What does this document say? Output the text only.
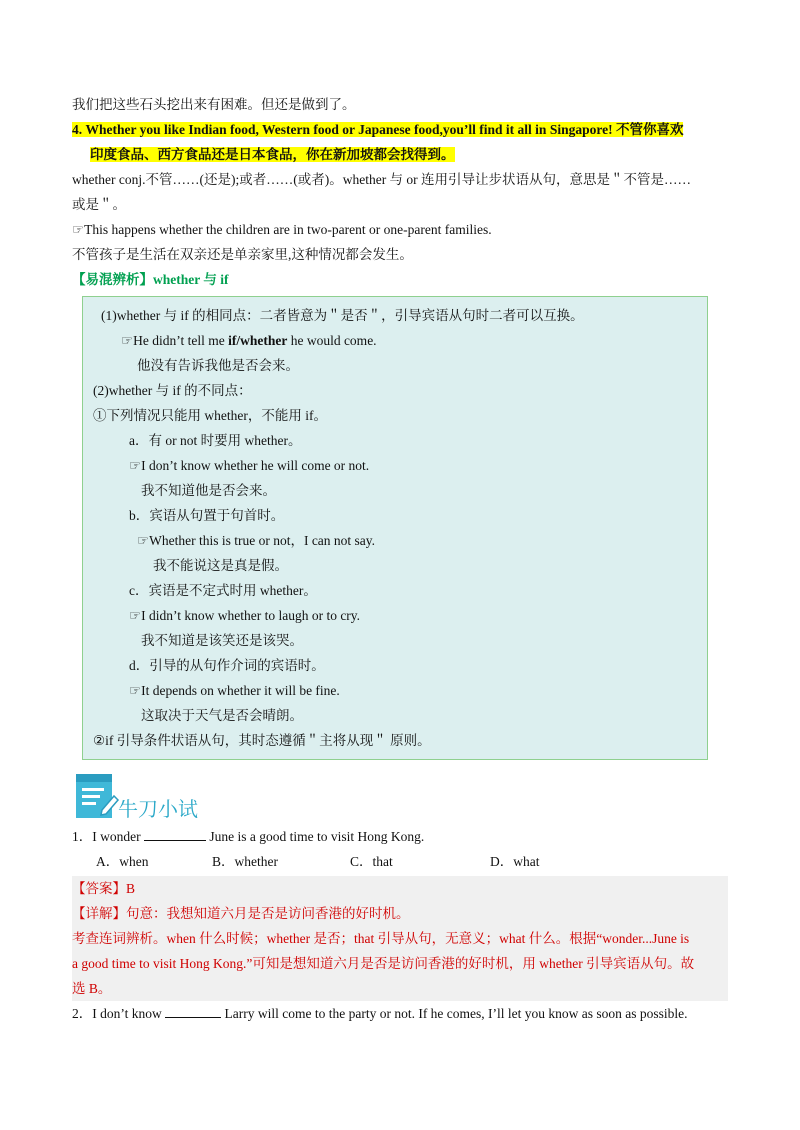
我们把这些石头挖出来有困难。但还是做到了。

4. Whether you like Indian food, Western food or Japanese food,you’ll find it all in Singapore! 不管你喜欢
印度食品、西方食品还是日本食品，你在新加坡都会找得到。

whether conj.不管……(还是);或者……(或者)。whether 与 or 连用引导让步状语从句，意思是＂不管是……

或是＂。

☞This happens whether the children are in two-parent or one-parent families.

不管孩子是生活在双亲还是单亲家里,这种情况都会发生。

【易混辨析】whether 与 if

(1)whether 与 if 的相同点：二者皆意为＂是否＂，引导宾语从句时二者可以互换。

☞He didn’t tell me if/whether he would come.

他没有告诉我他是否会来。

(2)whether 与 if 的不同点：

①下列情况只能用 whether，不能用 if。

a．有 or not 时要用 whether。

☞I don’t know whether he will come or not.

我不知道他是否会来。

b．宾语从句置于句首时。

☞Whether this is true or not，I can not say.

我不能说这是真是假。

c．宾语是不定式时用 whether。

☞I didn’t know whether to laugh or to cry.

我不知道是该笑还是该哭。

d．引导的从句作介词的宾语时。

☞It depends on whether it will be fine.

这取决于天气是否会晴朗。

②if 引导条件状语从句，其时态遵循＂主将从现＂ 原则。

牛刀小试

1．I wonder	June is a good time to visit Hong Kong.

A．when	B．whether	C．that	D．what

【答案】B

【详解】句意：我想知道六月是否是访问香港的好时机。

考查连词辨析。when 什么时候；whether 是否；that 引导从句，无意义；what 什么。根据“wonder...June is

a good time to visit Hong Kong.”可知是想知道六月是否是访问香港的好时机，用 whether 引导宾语从句。故

选 B。

2．I don’t know	Larry will come to the party or not. If he comes, I’ll let you know as soon as possible.
